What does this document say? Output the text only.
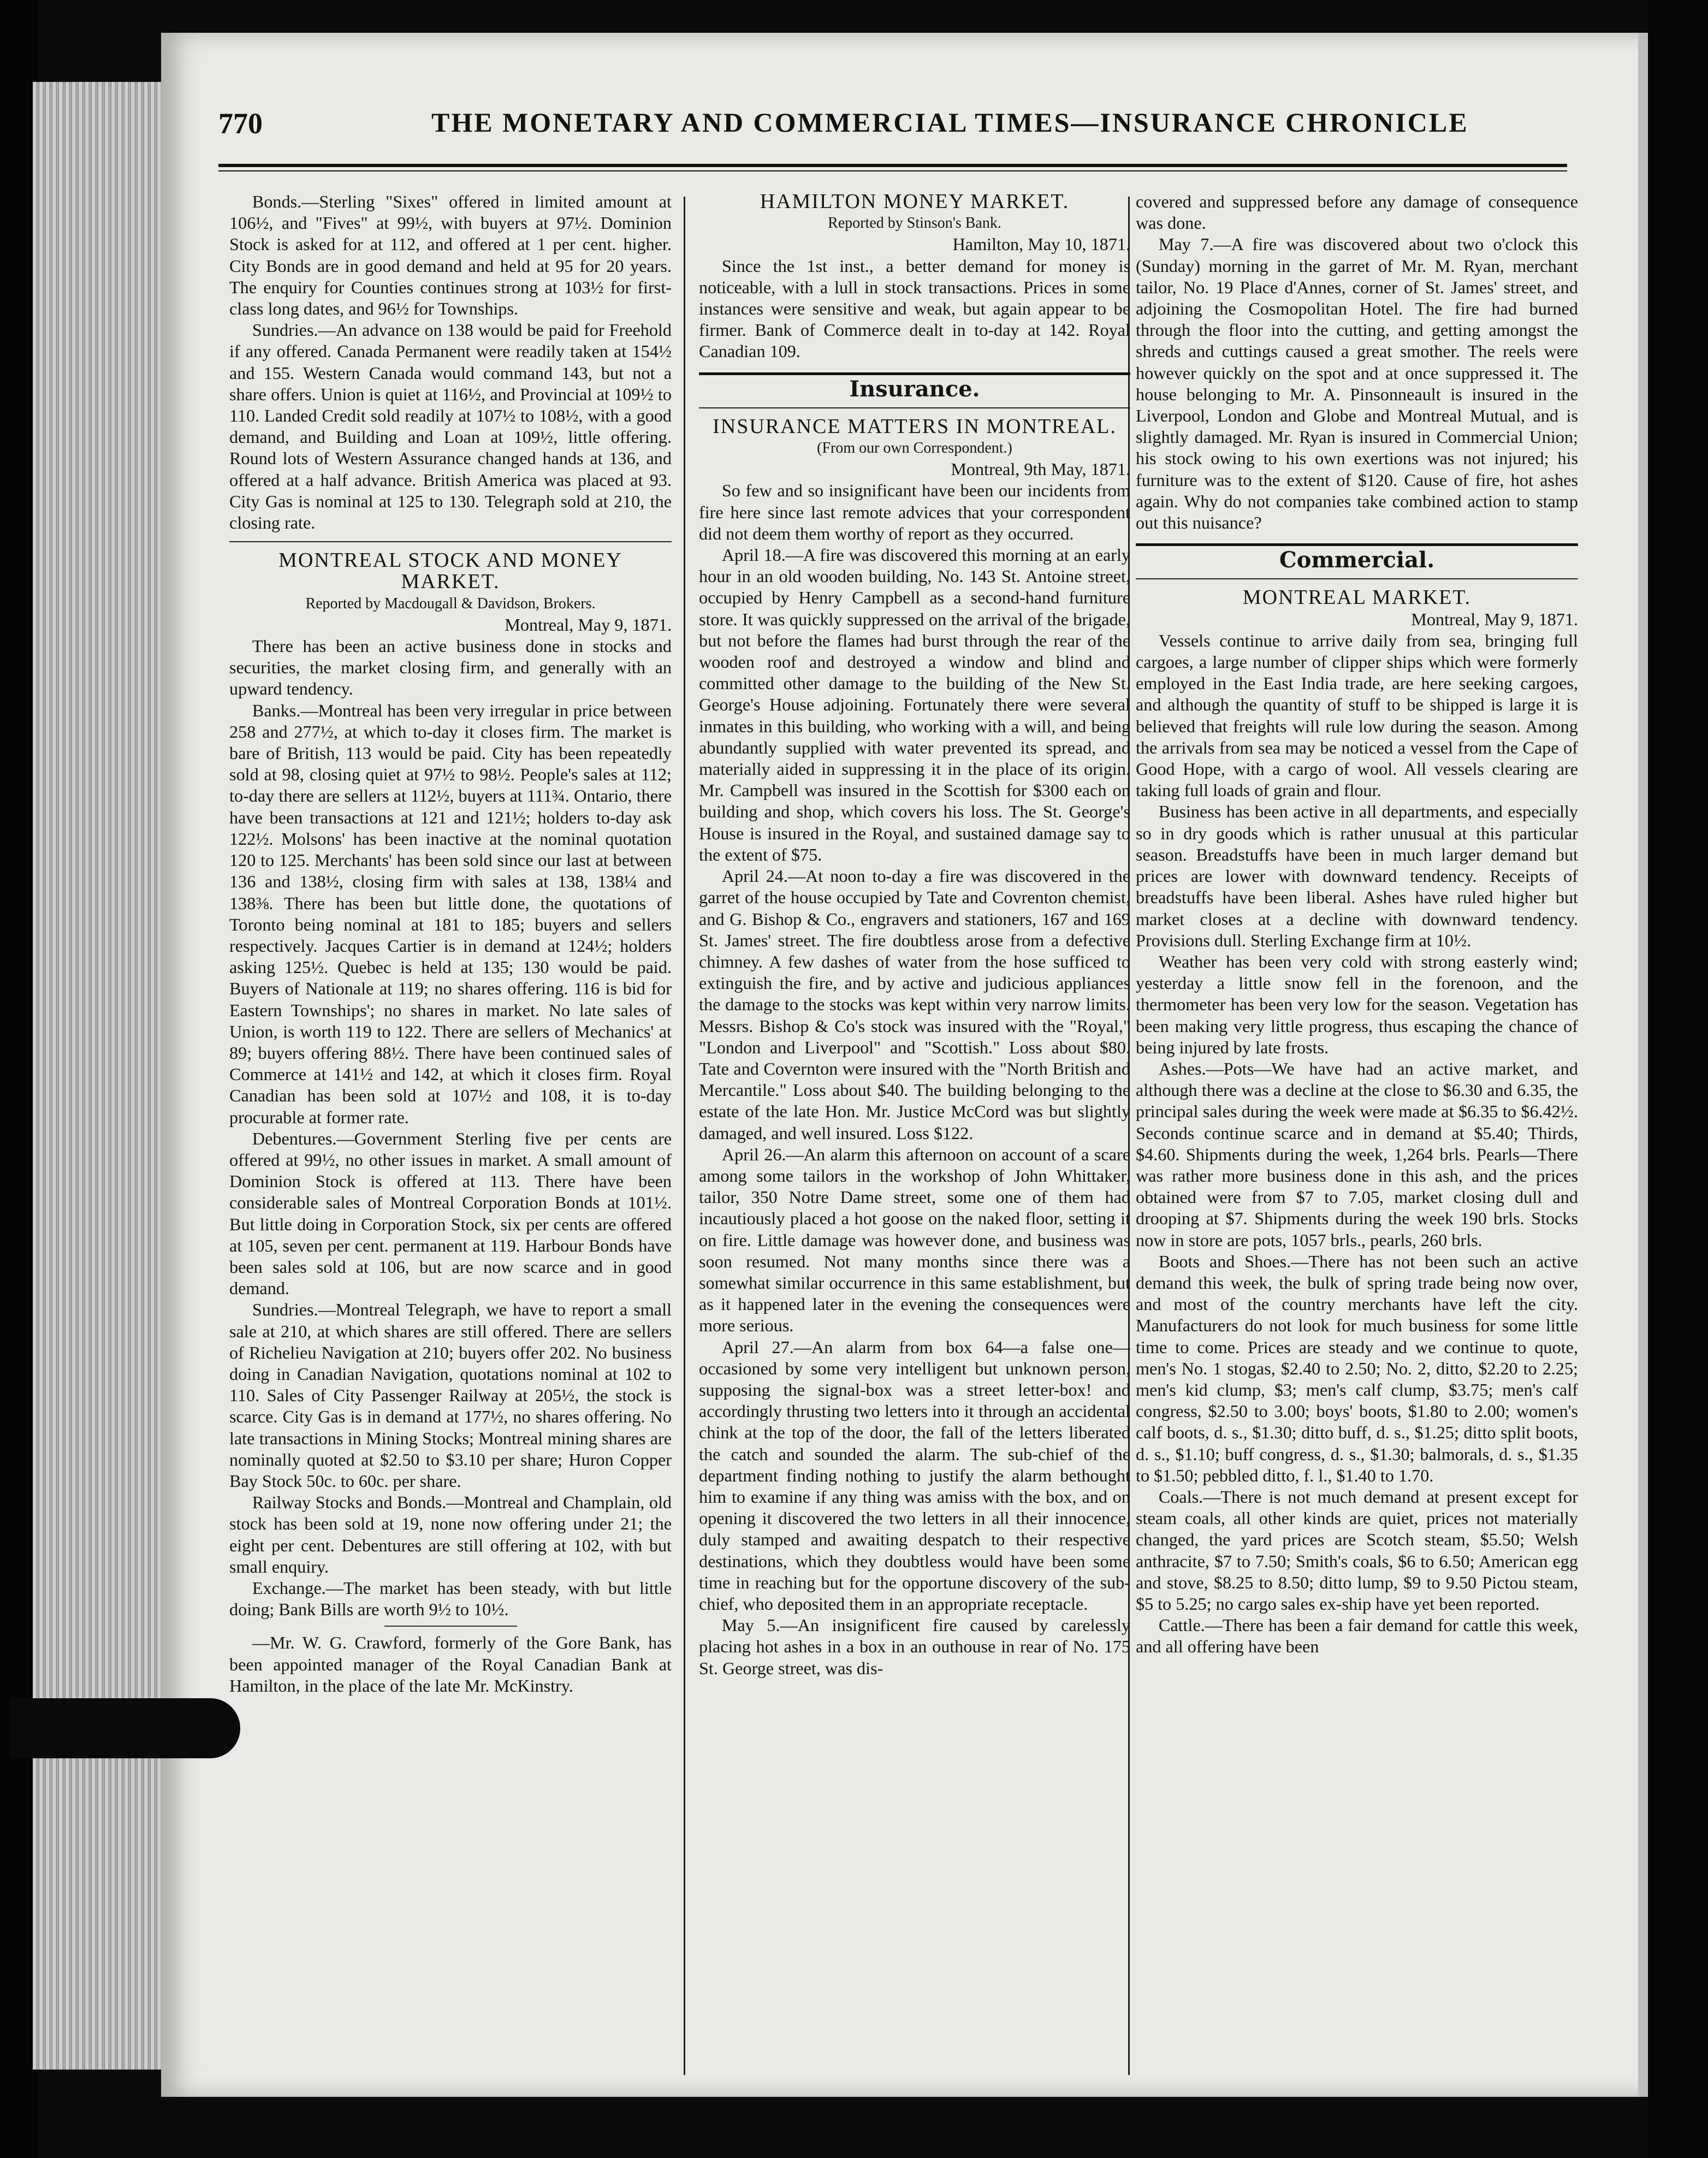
770	THE MONETARY AND COMMERCIAL TIMES—INSURANCE CHRONICLE

Bonds.—Sterling "Sixes" offered in limited amount at 106½, and "Fives" at 99½, with buyers at 97½. Dominion Stock is asked for at 112, and offered at 1 per cent. higher. City Bonds are in good demand and held at 95 for 20 years. The enquiry for Counties continues strong at 103½ for first-class long dates, and 96½ for Townships.

Sundries.—An advance on 138 would be paid for Freehold if any offered. Canada Permanent were readily taken at 154½ and 155. Western Canada would command 143, but not a share offers. Union is quiet at 116½, and Provincial at 109½ to 110. Landed Credit sold readily at 107½ to 108½, with a good demand, and Building and Loan at 109½, little offering. Round lots of Western Assurance changed hands at 136, and offered at a half advance. British America was placed at 93. City Gas is nominal at 125 to 130. Telegraph sold at 210, the closing rate.

MONTREAL STOCK AND MONEY MARKET.

Reported by Macdougall & Davidson, Brokers.

Montreal, May 9, 1871.

There has been an active business done in stocks and securities, the market closing firm, and generally with an upward tendency.

Banks.—Montreal has been very irregular in price between 258 and 277½, at which to-day it closes firm. The market is bare of British, 113 would be paid. City has been repeatedly sold at 98, closing quiet at 97½ to 98½. People's sales at 112; to-day there are sellers at 112½, buyers at 111¾. Ontario, there have been transactions at 121 and 121½; holders to-day ask 122½. Molsons' has been inactive at the nominal quotation 120 to 125. Merchants' has been sold since our last at between 136 and 138½, closing firm with sales at 138, 138¼ and 138⅜. There has been but little done, the quotations of Toronto being nominal at 181 to 185; buyers and sellers respectively. Jacques Cartier is in demand at 124½; holders asking 125½. Quebec is held at 135; 130 would be paid. Buyers of Nationale at 119; no shares offering. 116 is bid for Eastern Townships'; no shares in market. No late sales of Union, is worth 119 to 122. There are sellers of Mechanics' at 89; buyers offering 88½. There have been continued sales of Commerce at 141½ and 142, at which it closes firm. Royal Canadian has been sold at 107½ and 108, it is to-day procurable at former rate.

Debentures.—Government Sterling five per cents are offered at 99½, no other issues in market. A small amount of Dominion Stock is offered at 113. There have been considerable sales of Montreal Corporation Bonds at 101½. But little doing in Corporation Stock, six per cents are offered at 105, seven per cent. permanent at 119. Harbour Bonds have been sales sold at 106, but are now scarce and in good demand.

Sundries.—Montreal Telegraph, we have to report a small sale at 210, at which shares are still offered. There are sellers of Richelieu Navigation at 210; buyers offer 202. No business doing in Canadian Navigation, quotations nominal at 102 to 110. Sales of City Passenger Railway at 205½, the stock is scarce. City Gas is in demand at 177½, no shares offering. No late transactions in Mining Stocks; Montreal mining shares are nominally quoted at $2.50 to $3.10 per share; Huron Copper Bay Stock 50c. to 60c. per share.

Railway Stocks and Bonds.—Montreal and Champlain, old stock has been sold at 19, none now offering under 21; the eight per cent. Debentures are still offering at 102, with but small enquiry.

Exchange.—The market has been steady, with but little doing; Bank Bills are worth 9½ to 10½.

—Mr. W. G. Crawford, formerly of the Gore Bank, has been appointed manager of the Royal Canadian Bank at Hamilton, in the place of the late Mr. McKinstry.

HAMILTON MONEY MARKET.

Reported by Stinson's Bank.

Hamilton, May 10, 1871.

Since the 1st inst., a better demand for money is noticeable, with a lull in stock transactions. Prices in some instances were sensitive and weak, but again appear to be firmer. Bank of Commerce dealt in to-day at 142. Royal Canadian 109.

Insurance.

INSURANCE MATTERS IN MONTREAL.

(From our own Correspondent.)

Montreal, 9th May, 1871.

So few and so insignificant have been our incidents from fire here since last remote advices that your correspondent did not deem them worthy of report as they occurred.

April 18.—A fire was discovered this morning at an early hour in an old wooden building, No. 143 St. Antoine street, occupied by Henry Campbell as a second-hand furniture store. It was quickly suppressed on the arrival of the brigade, but not before the flames had burst through the rear of the wooden roof and destroyed a window and blind and committed other damage to the building of the New St. George's House adjoining. Fortunately there were several inmates in this building, who working with a will, and being abundantly supplied with water prevented its spread, and materially aided in suppressing it in the place of its origin. Mr. Campbell was insured in the Scottish for $300 each on building and shop, which covers his loss. The St. George's House is insured in the Royal, and sustained damage say to the extent of $75.

April 24.—At noon to-day a fire was discovered in the garret of the house occupied by Tate and Covrenton chemist, and G. Bishop & Co., engravers and stationers, 167 and 169 St. James' street. The fire doubtless arose from a defective chimney. A few dashes of water from the hose sufficed to extinguish the fire, and by active and judicious appliances the damage to the stocks was kept within very narrow limits. Messrs. Bishop & Co's stock was insured with the "Royal," "London and Liverpool" and "Scottish." Loss about $80. Tate and Covernton were insured with the "North British and Mercantile." Loss about $40. The building belonging to the estate of the late Hon. Mr. Justice McCord was but slightly damaged, and well insured. Loss $122.

April 26.—An alarm this afternoon on account of a scare among some tailors in the workshop of John Whittaker, tailor, 350 Notre Dame street, some one of them had incautiously placed a hot goose on the naked floor, setting it on fire. Little damage was however done, and business was soon resumed. Not many months since there was a somewhat similar occurrence in this same establishment, but as it happened later in the evening the consequences were more serious.

April 27.—An alarm from box 64—a false one—occasioned by some very intelligent but unknown person, supposing the signal-box was a street letter-box! and accordingly thrusting two letters into it through an accidental chink at the top of the door, the fall of the letters liberated the catch and sounded the alarm. The sub-chief of the department finding nothing to justify the alarm bethought him to examine if any thing was amiss with the box, and on opening it discovered the two letters in all their innocence, duly stamped and awaiting despatch to their respective destinations, which they doubtless would have been some time in reaching but for the opportune discovery of the sub-chief, who deposited them in an appropriate receptacle.

May 5.—An insignificent fire caused by carelessly placing hot ashes in a box in an outhouse in rear of No. 175 St. George street, was dis-

covered and suppressed before any damage of consequence was done.

May 7.—A fire was discovered about two o'clock this (Sunday) morning in the garret of Mr. M. Ryan, merchant tailor, No. 19 Place d'Annes, corner of St. James' street, and adjoining the Cosmopolitan Hotel. The fire had burned through the floor into the cutting, and getting amongst the shreds and cuttings caused a great smother. The reels were however quickly on the spot and at once suppressed it. The house belonging to Mr. A. Pinsonneault is insured in the Liverpool, London and Globe and Montreal Mutual, and is slightly damaged. Mr. Ryan is insured in Commercial Union; his stock owing to his own exertions was not injured; his furniture was to the extent of $120. Cause of fire, hot ashes again. Why do not companies take combined action to stamp out this nuisance?

Commercial.

MONTREAL MARKET.

Montreal, May 9, 1871.

Vessels continue to arrive daily from sea, bringing full cargoes, a large number of clipper ships which were formerly employed in the East India trade, are here seeking cargoes, and although the quantity of stuff to be shipped is large it is believed that freights will rule low during the season. Among the arrivals from sea may be noticed a vessel from the Cape of Good Hope, with a cargo of wool. All vessels clearing are taking full loads of grain and flour.

Business has been active in all departments, and especially so in dry goods which is rather unusual at this particular season. Breadstuffs have been in much larger demand but prices are lower with downward tendency. Receipts of breadstuffs have been liberal. Ashes have ruled higher but market closes at a decline with downward tendency. Provisions dull. Sterling Exchange firm at 10½.

Weather has been very cold with strong easterly wind; yesterday a little snow fell in the forenoon, and the thermometer has been very low for the season. Vegetation has been making very little progress, thus escaping the chance of being injured by late frosts.

Ashes.—Pots—We have had an active market, and although there was a decline at the close to $6.30 and 6.35, the principal sales during the week were made at $6.35 to $6.42½. Seconds continue scarce and in demand at $5.40; Thirds, $4.60. Shipments during the week, 1,264 brls. Pearls—There was rather more business done in this ash, and the prices obtained were from $7 to 7.05, market closing dull and drooping at $7. Shipments during the week 190 brls. Stocks now in store are pots, 1057 brls., pearls, 260 brls.

Boots and Shoes.—There has not been such an active demand this week, the bulk of spring trade being now over, and most of the country merchants have left the city. Manufacturers do not look for much business for some little time to come. Prices are steady and we continue to quote, men's No. 1 stogas, $2.40 to 2.50; No. 2, ditto, $2.20 to 2.25; men's kid clump, $3; men's calf clump, $3.75; men's calf congress, $2.50 to 3.00; boys' boots, $1.80 to 2.00; women's calf boots, d. s., $1.30; ditto buff, d. s., $1.25; ditto split boots, d. s., $1.10; buff congress, d. s., $1.30; balmorals, d. s., $1.35 to $1.50; pebbled ditto, f. l., $1.40 to 1.70.

Coals.—There is not much demand at present except for steam coals, all other kinds are quiet, prices not materially changed, the yard prices are Scotch steam, $5.50; Welsh anthracite, $7 to 7.50; Smith's coals, $6 to 6.50; American egg and stove, $8.25 to 8.50; ditto lump, $9 to 9.50 Pictou steam, $5 to 5.25; no cargo sales ex-ship have yet been reported.

Cattle.—There has been a fair demand for cattle this week, and all offering have been
